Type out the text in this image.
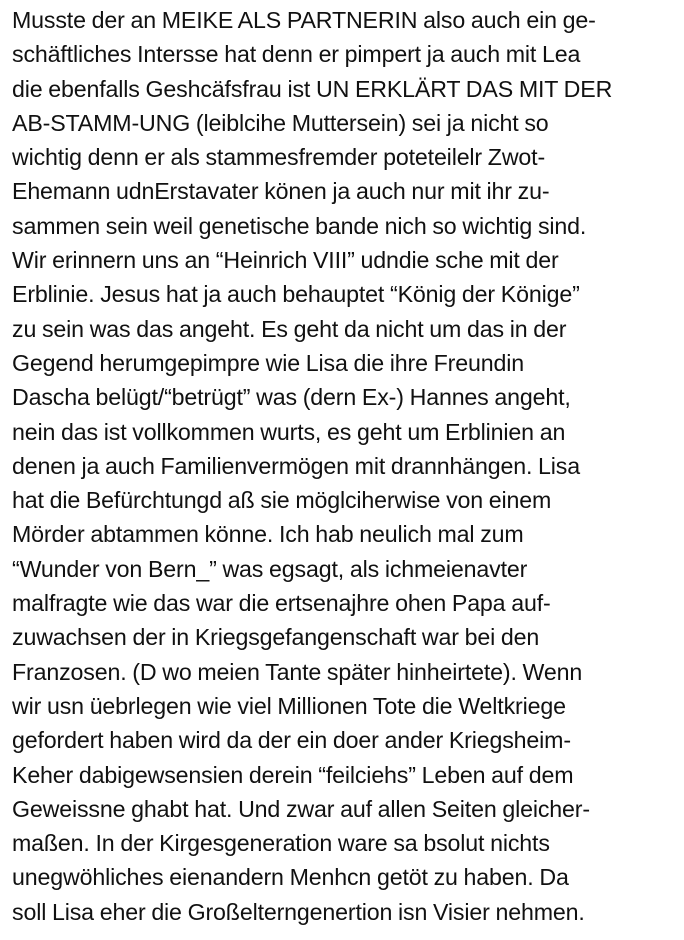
Musste der an MEIKE ALS PARTNERIN also auch ein ge-
schäftliches Intersse hat denn er pimpert ja auch mit Lea
die ebenfalls Geshcäfsfrau ist UN ERKLÄRT DAS MIT DER
AB-STAMM-UNG (leiblcihe Muttersein) sei ja nicht so
wichtig denn er als stammesfremder poteteilelr Zwot-
Ehemann udnErstavater könen ja auch nur mit ihr zu-
sammen sein weil genetische bande nich so wichtig sind.
Wir erinnern uns an “Heinrich VIII” udndie sche mit der
Erblinie. Jesus hat ja auch behauptet “König der Könige”
zu sein was das angeht. Es geht da nicht um das in der
Gegend herumgepimpre wie Lisa die ihre Freundin
Dascha belügt/“betrügt” was (dern Ex-) Hannes angeht,
nein das ist vollkommen wurts, es geht um Erblinien an
denen ja auch Familienvermögen mit drannhängen. Lisa
hat die Befürchtungd aß sie möglciherwise von einem
Mörder abtammen könne. Ich hab neulich mal zum
“Wunder von Bern_” was egsagt, als ichmeienavter
malfragte wie das war die ertsenajhre ohen Papa auf-
zuwachsen der in Kriegsgefangenschaft war bei den
Franzosen. (D wo meien Tante später hinheirtete). Wenn
wir usn üebrlegen wie viel Millionen Tote die Weltkriege
gefordert haben wird da der ein doer ander Kriegsheim-
Keher dabigewsensien derein “feilciehs” Leben auf dem
Geweissne ghabt hat. Und zwar auf allen Seiten gleicher-
maßen. In der Kirgesgeneration ware sa bsolut nichts
unegwöhliches eienandern Menhcn getöt zu haben. Da
soll Lisa eher die Großelterngenertion isn Visier nehmen.
